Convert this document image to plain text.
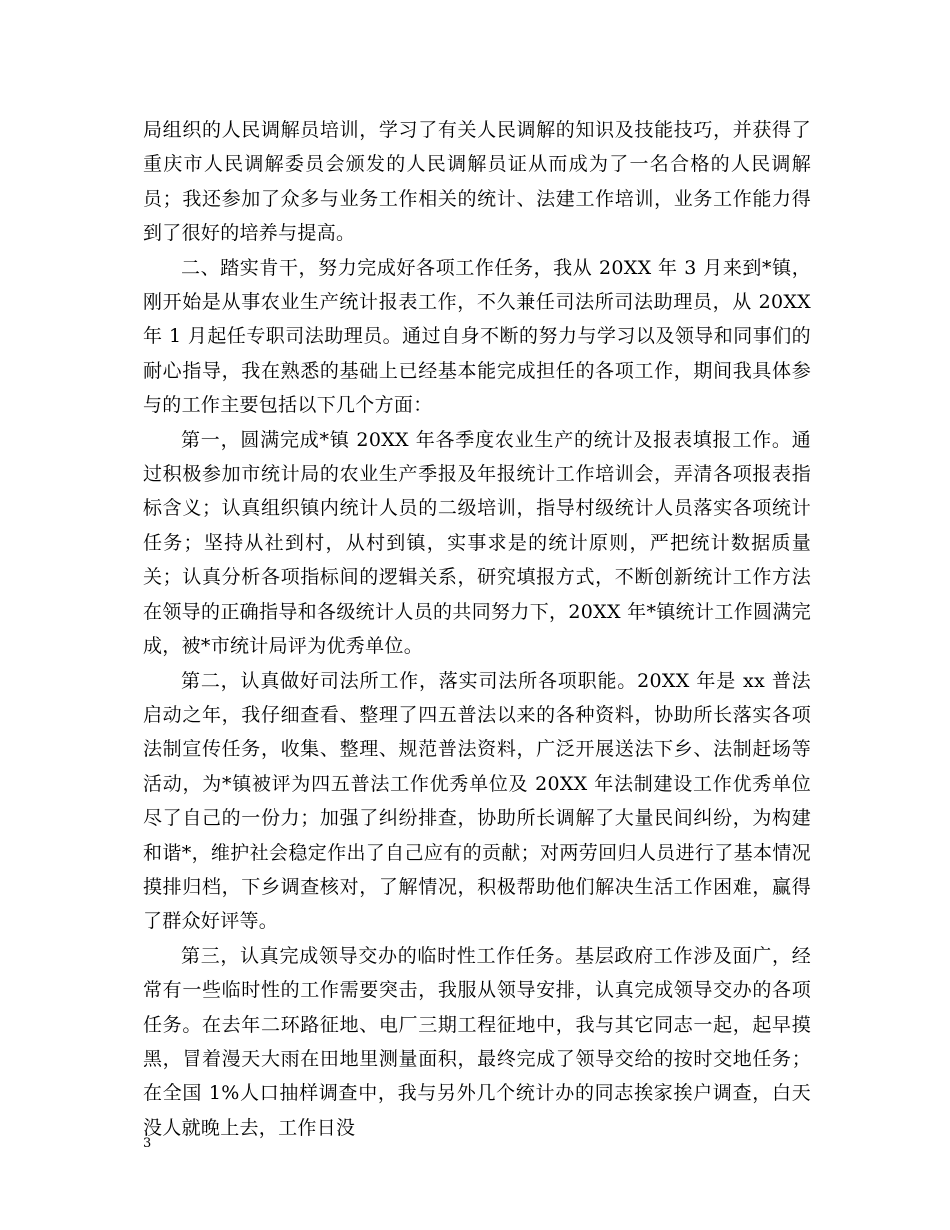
局组织的人民调解员培训，学习了有关人民调解的知识及技能技巧，并获得了重庆市人民调解委员会颁发的人民调解员证从而成为了一名合格的人民调解员；我还参加了众多与业务工作相关的统计、法建工作培训，业务工作能力得到了很好的培养与提高。

二、踏实肯干，努力完成好各项工作任务，我从 20XX 年 3 月来到*镇，刚开始是从事农业生产统计报表工作，不久兼任司法所司法助理员，从 20XX 年 1 月起任专职司法助理员。通过自身不断的努力与学习以及领导和同事们的耐心指导，我在熟悉的基础上已经基本能完成担任的各项工作，期间我具体参与的工作主要包括以下几个方面：

第一，圆满完成*镇 20XX 年各季度农业生产的统计及报表填报工作。通过积极参加市统计局的农业生产季报及年报统计工作培训会，弄清各项报表指标含义；认真组织镇内统计人员的二级培训，指导村级统计人员落实各项统计任务；坚持从社到村，从村到镇，实事求是的统计原则，严把统计数据质量关；认真分析各项指标间的逻辑关系，研究填报方式，不断创新统计工作方法在领导的正确指导和各级统计人员的共同努力下，20XX 年*镇统计工作圆满完成，被*市统计局评为优秀单位。

第二，认真做好司法所工作，落实司法所各项职能。20XX 年是 xx 普法启动之年，我仔细查看、整理了四五普法以来的各种资料，协助所长落实各项法制宣传任务，收集、整理、规范普法资料，广泛开展送法下乡、法制赶场等活动，为*镇被评为四五普法工作优秀单位及 20XX 年法制建设工作优秀单位尽了自己的一份力；加强了纠纷排查，协助所长调解了大量民间纠纷，为构建和谐*，维护社会稳定作出了自己应有的贡献；对两劳回归人员进行了基本情况摸排归档，下乡调查核对，了解情况，积极帮助他们解决生活工作困难，赢得了群众好评等。

第三，认真完成领导交办的临时性工作任务。基层政府工作涉及面广，经常有一些临时性的工作需要突击，我服从领导安排，认真完成领导交办的各项任务。在去年二环路征地、电厂三期工程征地中，我与其它同志一起，起早摸黑，冒着漫天大雨在田地里测量面积，最终完成了领导交给的按时交地任务；在全国 1%人口抽样调查中，我与另外几个统计办的同志挨家挨户调查，白天没人就晚上去，工作日没

3
